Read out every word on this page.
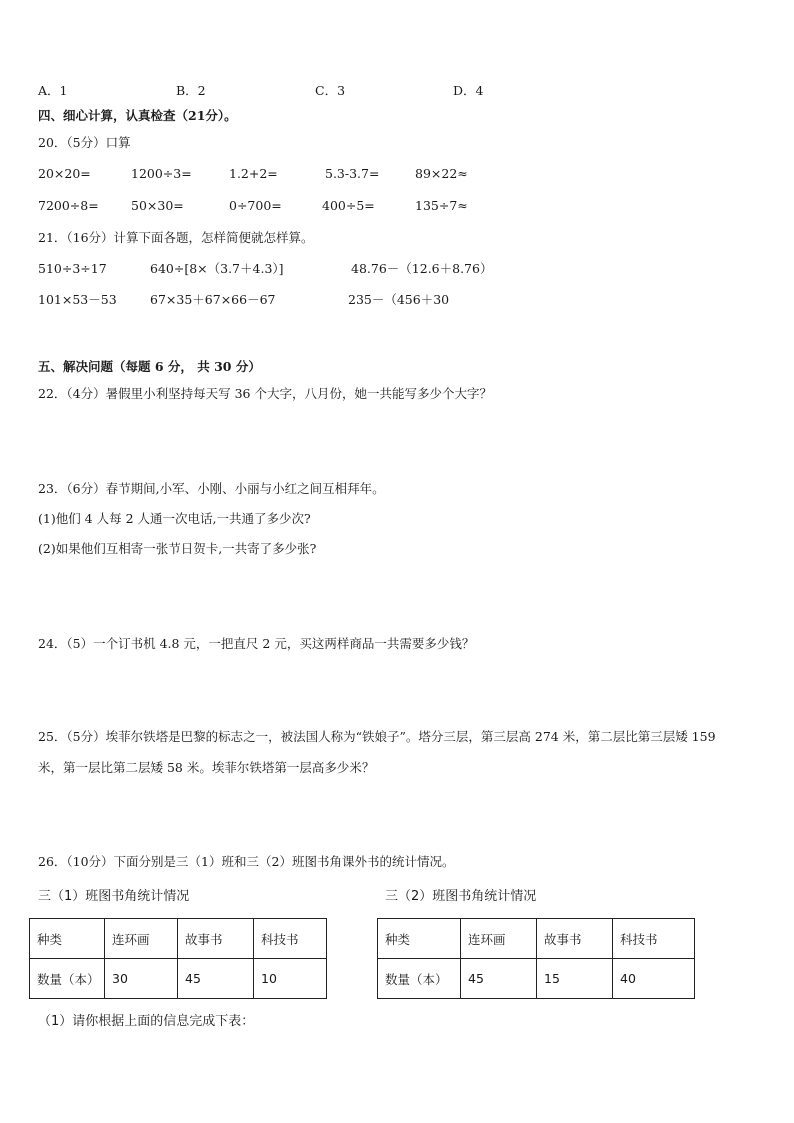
A．1	B．2	C．3	D．4
四、细心计算，认真检查（21分）。
20．（5分）口算
20×20=	1200÷3=	1.2+2=	5.3-3.7=	89×22≈
7200÷8=	50×30=	0÷700=	400÷5=	135÷7≈
21．（16分）计算下面各题，怎样简便就怎样算。
510÷3÷17	640÷[8×（3.7＋4.3）]	48.76－（12.6＋8.76）
101×53－53	67×35＋67×66－67	235－（456＋30
五、解决问题（每题 6 分， 共 30 分）
22．（4分）暑假里小利坚持每天写 36 个大字，八月份，她一共能写多少个大字？
23．（6分）春节期间,小军、小刚、小丽与小红之间互相拜年。
(1)他们 4 人每 2 人通一次电话,一共通了多少次?
(2)如果他们互相寄一张节日贺卡,一共寄了多少张?
24．（5）一个订书机 4.8 元，一把直尺 2 元，买这两样商品一共需要多少钱？
25．（5分）埃菲尔铁塔是巴黎的标志之一，被法国人称为“铁娘子”。塔分三层，第三层高 274 米，第二层比第三层矮 159
米，第一层比第二层矮 58 米。埃菲尔铁塔第一层高多少米？
26．（10分）下面分别是三（1）班和三（2）班图书角课外书的统计情况。
三（1）班图书角统计情况	三（2）班图书角统计情况
种类	连环画	故事书	科技书
数量（本）	30	45	10
种类	连环画	故事书	科技书
数量（本）	45	15	40
（1）请你根据上面的信息完成下表：
